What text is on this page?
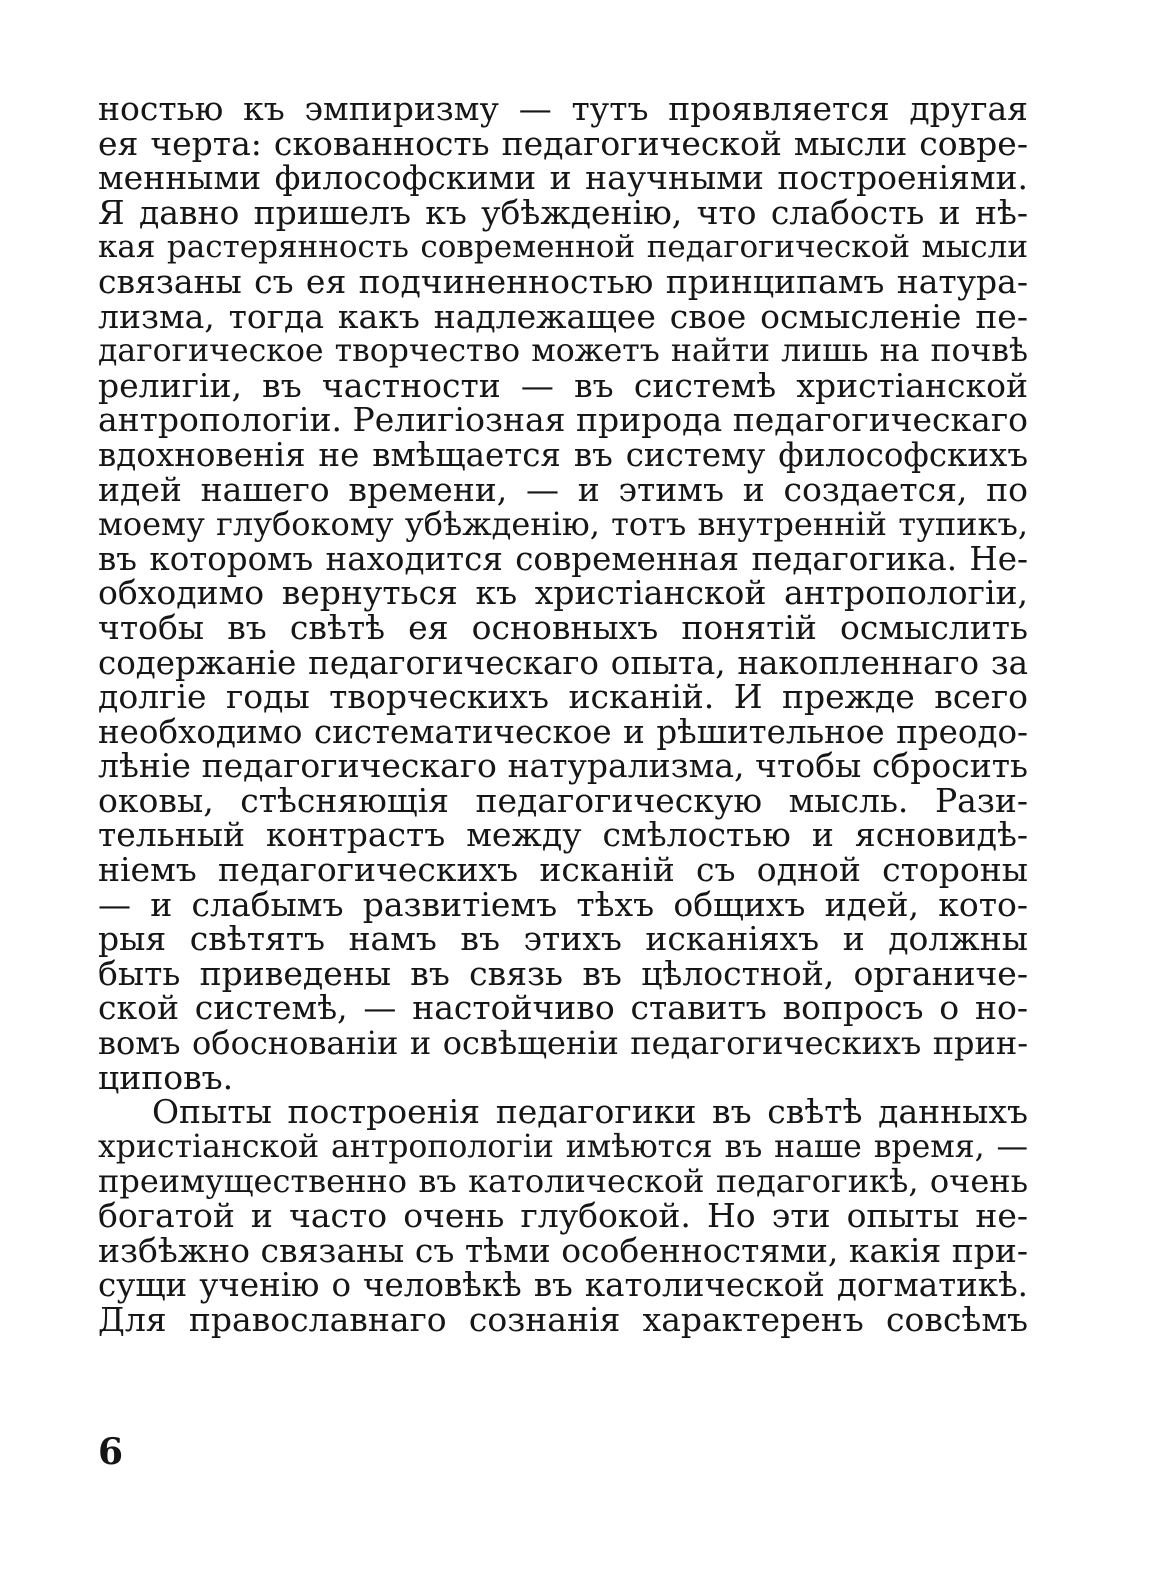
ностью къ эмпиризму — тутъ проявляется другая
ея черта: скованность педагогической мысли совре-
менными философскими и научными построеніями.
Я давно пришелъ къ убѣжденію, что слабость и нѣ-
кая растерянность современной педагогической мысли
связаны съ ея подчиненностью принципамъ натура-
лизма, тогда какъ надлежащее свое осмысленіе пе-
дагогическое творчество можетъ найти лишь на почвѣ
религіи, въ частности — въ системѣ христіанской
антропологіи. Религіозная природа педагогическаго
вдохновенія не вмѣщается въ систему философскихъ
идей нашего времени, — и этимъ и создается, по
моему глубокому убѣжденію, тотъ внутренній тупикъ,
въ которомъ находится современная педагогика. Не-
обходимо вернуться къ христіанской антропологіи,
чтобы въ свѣтѣ ея основныхъ понятій осмыслить
содержаніе педагогическаго опыта, накопленнаго за
долгіе годы творческихъ исканій. И прежде всего
необходимо систематическое и рѣшительное преодо-
лѣніе педагогическаго натурализма, чтобы сбросить
оковы, стѣсняющія педагогическую мысль. Рази-
тельный контрастъ между смѣлостью и ясновидѣ-
ніемъ педагогическихъ исканій съ одной стороны
— и слабымъ развитіемъ тѣхъ общихъ идей, кото-
рыя свѣтятъ намъ въ этихъ исканіяхъ и должны
быть приведены въ связь въ цѣлостной, органиче-
ской системѣ, — настойчиво ставитъ вопросъ о но-
вомъ обоснованіи и освѣщеніи педагогическихъ прин-
циповъ.
Опыты построенія педагогики въ свѣтѣ данныхъ
христіанской антропологіи имѣются въ наше время, —
преимущественно въ католической педагогикѣ, очень
богатой и часто очень глубокой. Но эти опыты не-
избѣжно связаны съ тѣми особенностями, какія при-
сущи ученію о человѣкѣ въ католической догматикѣ.
Для православнаго сознанія характеренъ совсѣмъ
6
